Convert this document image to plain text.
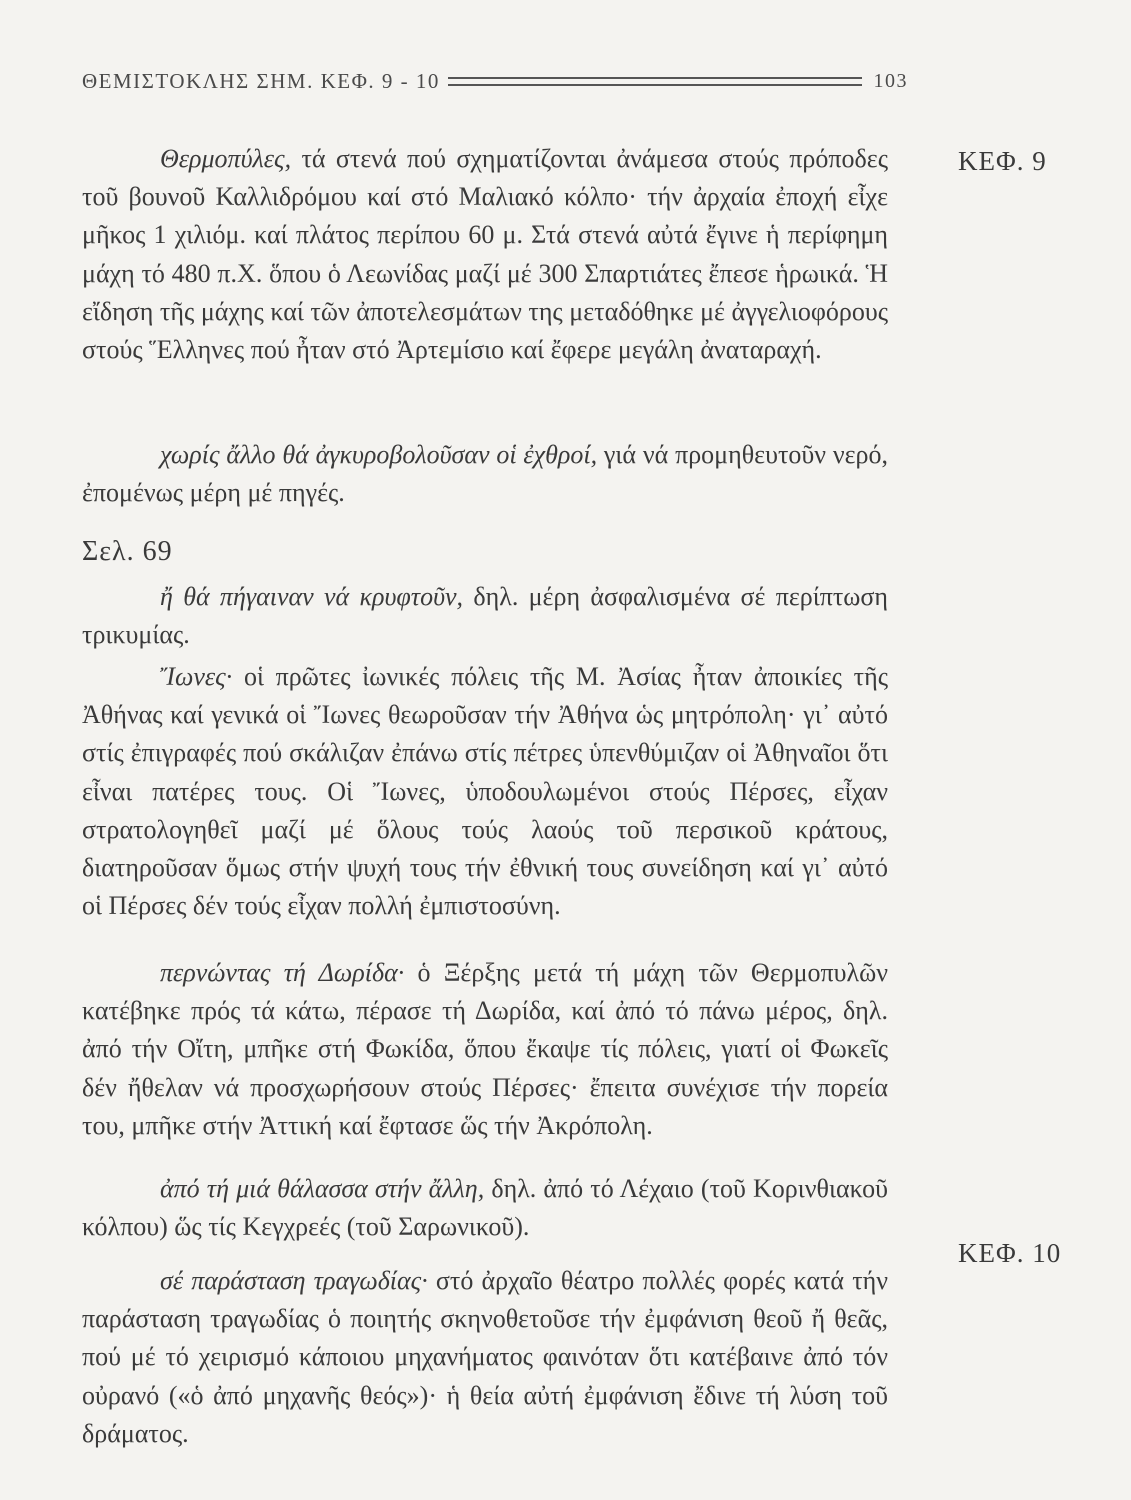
ΘΕΜΙΣΤΟΚΛΗΣ ΣΗΜ. ΚΕΦ. 9 - 10	103
ΚΕΦ. 9
ΚΕΦ. 10

Θερμοπύλες, τά στενά πού σχηματίζονται ἀνάμεσα στούς πρόποδες τοῦ βουνοῦ Καλλιδρόμου καί στό Μαλιακό κόλπο· τήν ἀρχαία ἐποχή εἶχε μῆκος 1 χιλιόμ. καί πλάτος περίπου 60 μ. Στά στενά αὐτά ἔγινε ἡ περίφημη μάχη τό 480 π.Χ. ὅπου ὁ Λεωνίδας μαζί μέ 300 Σπαρτιάτες ἔπεσε ἡρωικά. Ἡ εἴδηση τῆς μάχης καί τῶν ἀποτελεσμάτων της μεταδόθηκε μέ ἀγγελιοφόρους στούς Ἕλληνες πού ἦταν στό Ἀρτεμίσιο καί ἔφερε μεγάλη ἀναταραχή.

χωρίς ἄλλο θά ἀγκυροβολοῦσαν οἱ ἐχθροί, γιά νά προμηθευτοῦν νερό, ἐπομένως μέρη μέ πηγές.

Σελ. 69

ἤ θά πήγαιναν νά κρυφτοῦν, δηλ. μέρη ἀσφαλισμένα σέ περίπτωση τρικυμίας.

Ἴωνες· οἱ πρῶτες ἰωνικές πόλεις τῆς Μ. Ἀσίας ἦταν ἀποικίες τῆς Ἀθήνας καί γενικά οἱ Ἴωνες θεωροῦσαν τήν Ἀθήνα ὡς μητρόπολη· γι᾿ αὐτό στίς ἐπιγραφές πού σκάλιζαν ἐπάνω στίς πέτρες ὑπενθύμιζαν οἱ Ἀθηναῖοι ὅτι εἶναι πατέρες τους. Οἱ Ἴωνες, ὑποδουλωμένοι στούς Πέρσες, εἶχαν στρατολογηθεῖ μαζί μέ ὅλους τούς λαούς τοῦ περσικοῦ κράτους, διατηροῦσαν ὅμως στήν ψυχή τους τήν ἐθνική τους συνείδηση καί γι᾿ αὐτό οἱ Πέρσες δέν τούς εἶχαν πολλή ἐμπιστοσύνη.

περνώντας τή Δωρίδα· ὁ Ξέρξης μετά τή μάχη τῶν Θερμοπυλῶν κατέβηκε πρός τά κάτω, πέρασε τή Δωρίδα, καί ἀπό τό πάνω μέρος, δηλ. ἀπό τήν Οἴτη, μπῆκε στή Φωκίδα, ὅπου ἔκαψε τίς πόλεις, γιατί οἱ Φωκεῖς δέν ἤθελαν νά προσχωρήσουν στούς Πέρσες· ἔπειτα συνέχισε τήν πορεία του, μπῆκε στήν Ἀττική καί ἔφτασε ὥς τήν Ἀκρόπολη.

ἀπό τή μιά θάλασσα στήν ἄλλη, δηλ. ἀπό τό Λέχαιο (τοῦ Κορινθιακοῦ κόλπου) ὥς τίς Κεγχρεές (τοῦ Σαρωνικοῦ).

σέ παράσταση τραγωδίας· στό ἀρχαῖο θέατρο πολλές φορές κατά τήν παράσταση τραγωδίας ὁ ποιητής σκηνοθετοῦσε τήν ἐμφάνιση θεοῦ ἤ θεᾶς, πού μέ τό χειρισμό κάποιου μηχανήματος φαινόταν ὅτι κατέβαινε ἀπό τόν οὐρανό («ὁ ἀπό μηχανῆς θεός»)· ἡ θεία αὐτή ἐμφάνιση ἔδινε τή λύση τοῦ δράματος.
